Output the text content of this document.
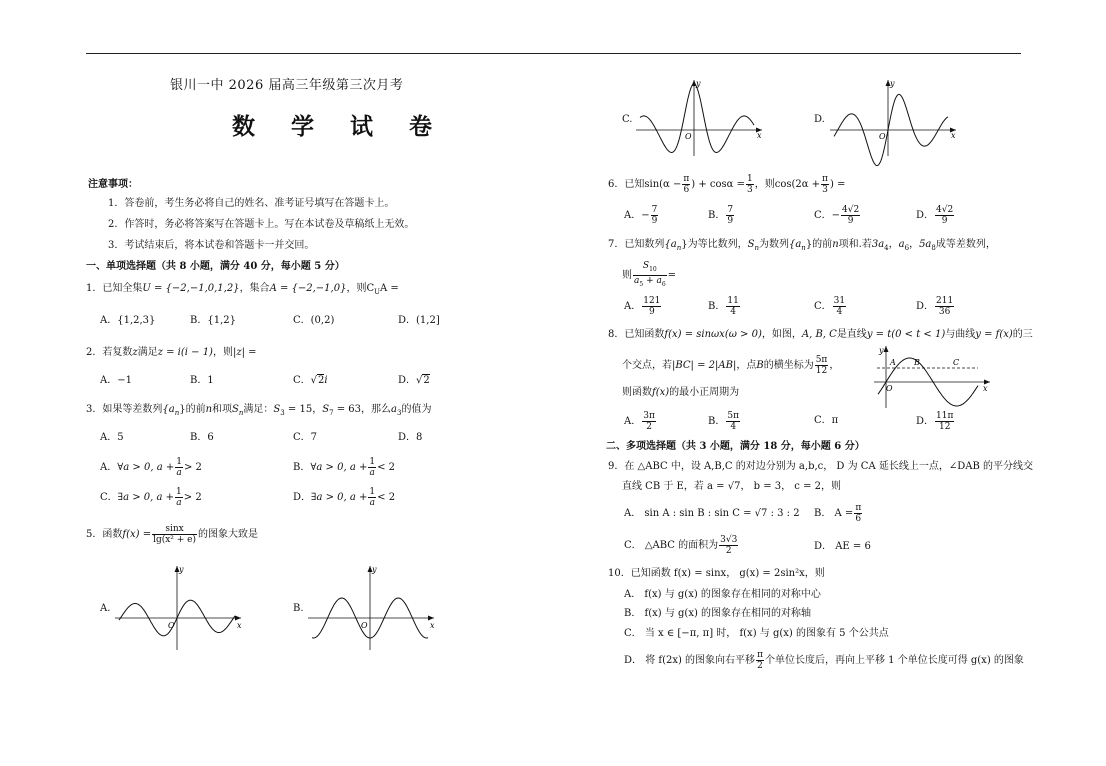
银川一中 2026 届高三年级第三次月考
数 学 试 卷
注意事项：
1．答卷前，考生务必将自己的姓名、准考证号填写在答题卡上。
2．作答时，务必将答案写在答题卡上。写在本试卷及草稿纸上无效。
3．考试结束后，将本试卷和答题卡一并交回。
一、单项选择题（共 8 小题，满分 40 分，每小题 5 分）
1．已知全集U = {−2,−1,0,1,2}，集合A = {−2,−1,0}，则$C_UA$ =
A．{1,2,3}	B．{1,2}	C．(0,2)	D．(1,2]
2．若复数z满足z = i(i − 1)，则|z| =
A．−1	B．1	C．√2i	D．√2
3．如果等差数列$\{a_n\}$的前n和项$S_n$满足：$S_3 = 15$，$S_7 = 63$，那么$a_3$的值为
A．5	B．6	C．7	D．8
A．∀a > 0, $a + \frac{1}{a} > 2$	B．∀a > 0, $a + \frac{1}{a} < 2$
C．∃a > 0, $a + \frac{1}{a} > 2$	D．∃a > 0, $a + \frac{1}{a} < 2$
5．函数$f(x) = \frac{\sin x}{\text{lg(x² + e)}}$ 的图象大致是
A.
y
x
O
B.
y
x
O
C.
y
x
O
D.
y
x
O
6．已知$\sin(\alpha - \frac{\pi}{6}$ ) + $\cos\alpha = \frac{1}{3}$ ，则$\cos(2\alpha + \frac{\pi}{3}$ ) =
A．− $\frac{7}{9}$	B． $\frac{7}{9}$	C．− $\frac{4√2}{9}$	D． $\frac{4√2}{9}$
7．已知数列$\{a_n\}$为等比数列，$S_n$为数列$\{a_n\}$的前n项和.若$3a_4$，$a_6$，$5a_8$成等差数列，
则 $\frac{S_{10}}{a_5 + a_6}$ =
A． $\frac{121}{9}$	B． $\frac{11}{4}$	C． $\frac{31}{4}$	D． $\frac{211}{36}$
8．已知函数f(x) = sinωx(ω > 0)，如图，A, B, C是直线y = t(0 < t < 1)与曲线y = f(x)的三
个交点，若|BC| = 2|AB|，点B的横坐标为 $\frac{5\pi}{12}$ ，
则函数f(x)的最小正周期为
y
x
O
A B	C
A． $\frac{3\pi}{2}$	B． $\frac{5\pi}{4}$	C．π	D． $\frac{11\pi}{12}$
二、多项选择题（共 3 小题，满分 18 分，每小题 6 分）
9．在 △ABC 中，设 A,B,C 的对边分别为 a,b,c， D 为 CA 延长线上一点，∠DAB 的平分线交
直线 CB 于 E，若 a = √7， b = 3， c = 2，则
A． sin A : sin B : sin C = √7 : 3 : 2 B． $A = \frac{\pi}{6}$
C． △ABC 的面积为 $\frac{3√3}{2}$	D． AE = 6
10．已知函数 f(x) = sinx， g(x) = 2sin²x，则
A． f(x) 与 g(x) 的图象存在相同的对称中心
B． f(x) 与 g(x) 的图象存在相同的对称轴
C． 当 x ∈ [−π, π] 时， f(x) 与 g(x) 的图象有 5 个公共点
D． 将 f(2x) 的图象向右平移 $\frac{\pi}{2}$ 个单位长度后，再向上平移 1 个单位长度可得 g(x) 的图象
